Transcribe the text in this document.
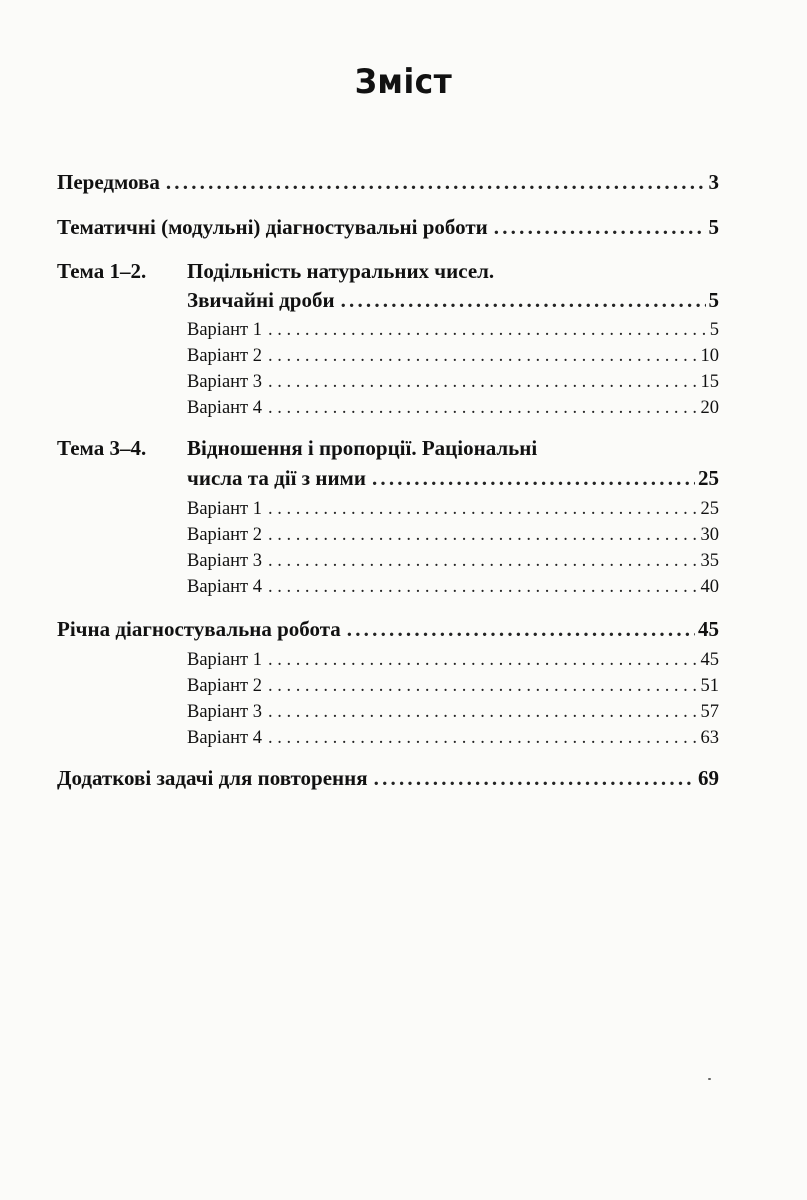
Зміст
Передмова .....	3
Тематичні (модульні) діагностувальні роботи .....	5
Тема 1–2.	Подільність натуральних чисел.
Звичайні дроби .....	5
Варіант 1 .....	5
Варіант 2 .....	10
Варіант 3 .....	15
Варіант 4 .....	20
Тема 3–4.	Відношення і пропорції. Раціональні
числа та дії з ними .....	25
Варіант 1 .....	25
Варіант 2 .....	30
Варіант 3 .....	35
Варіант 4 .....	40
Річна діагностувальна робота .....	45
Варіант 1 .....	45
Варіант 2 .....	51
Варіант 3 .....	57
Варіант 4 .....	63
Додаткові задачі для повторення .....	69
